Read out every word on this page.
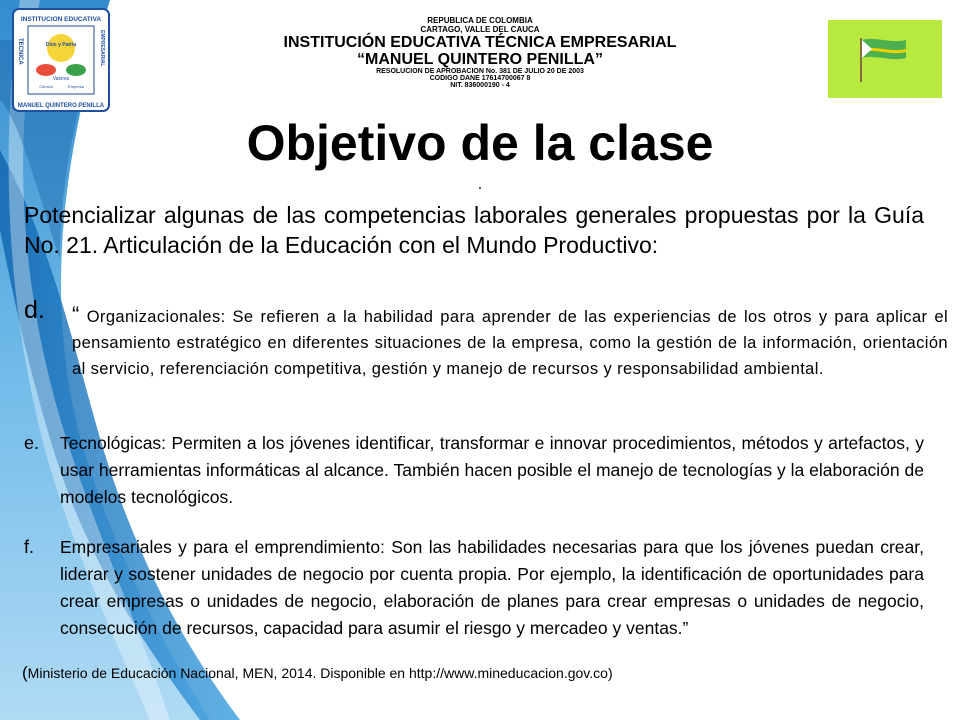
INSTITUCION EDUCATIVA
MANUEL QUINTERO PENILLA
TECNICA	EMPRESARIAL
Dios y Patria
Valores
Ciencia	Empresa
REPUBLICA DE COLOMBIA
CARTAGO, VALLE DEL CAUCA
INSTITUCIÓN EDUCATIVA TÉCNICA EMPRESARIAL
“MANUEL QUINTERO PENILLA”
RESOLUCION DE APROBACION No. 381 DE JULIO 20 DE 2003
CODIGO DANE 17614700067 8
NIT. 836000190 - 4
Objetivo de la clase
.
Potencializar algunas de las competencias laborales generales propuestas por la Guía No. 21. Articulación de la Educación con el Mundo Productivo:
d. “ Organizacionales: Se refieren a la habilidad para aprender de las experiencias de los otros y para aplicar el pensamiento estratégico en diferentes situaciones de la empresa, como la gestión de la información, orientación al servicio, referenciación competitiva, gestión y manejo de recursos y responsabilidad ambiental.
e. Tecnológicas: Permiten a los jóvenes identificar, transformar e innovar procedimientos, métodos y artefactos, y usar herramientas informáticas al alcance. También hacen posible el manejo de tecnologías y la elaboración de modelos tecnológicos.
f. Empresariales y para el emprendimiento: Son las habilidades necesarias para que los jóvenes puedan crear, liderar y sostener unidades de negocio por cuenta propia. Por ejemplo, la identificación de oportunidades para crear empresas o unidades de negocio, elaboración de planes para crear empresas o unidades de negocio, consecución de recursos, capacidad para asumir el riesgo y mercadeo y ventas.”
(Ministerio de Educación Nacional, MEN, 2014. Disponible en http://www.mineducacion.gov.co)
